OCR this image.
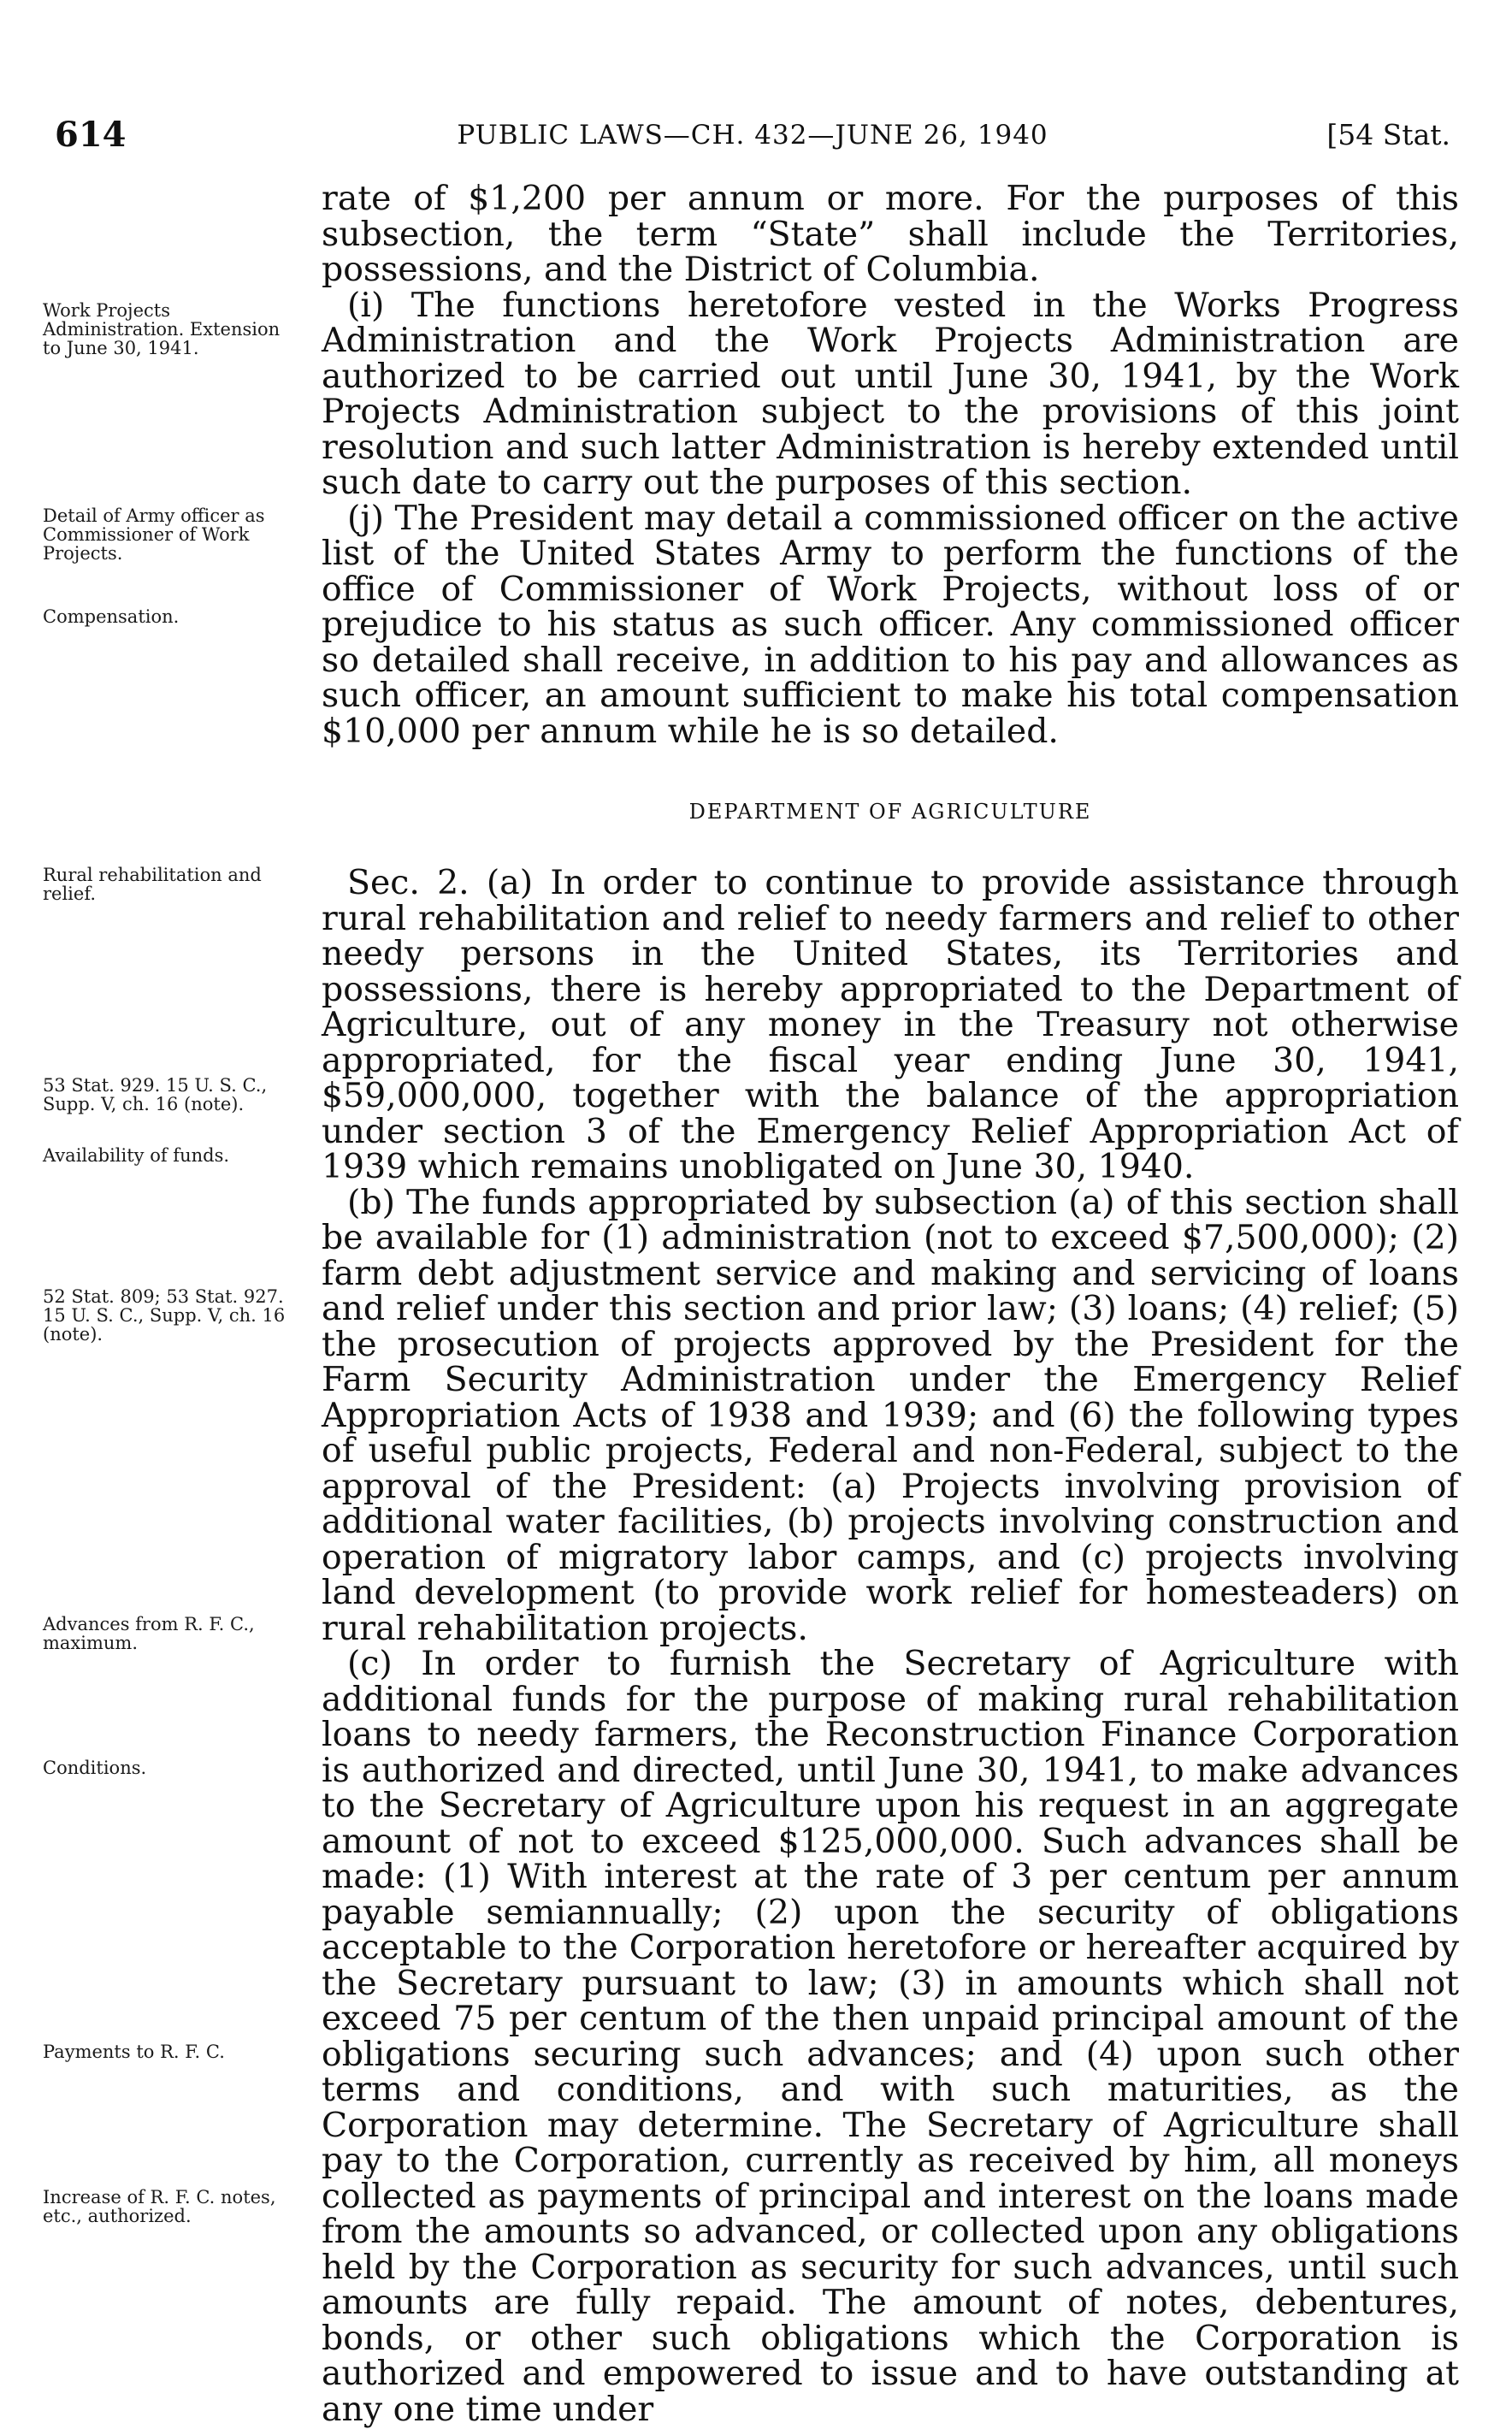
614	PUBLIC LAWS—CH. 432—JUNE 26, 1940	[54 Stat.
Work Projects Administration. Extension to June 30, 1941.
Detail of Army officer as Commissioner of Work Projects.
Compensation.
Rural rehabilitation and relief.
53 Stat. 929. 15 U. S. C., Supp. V, ch. 16 (note).
Availability of funds.
52 Stat. 809; 53 Stat. 927. 15 U. S. C., Supp. V, ch. 16 (note).
Advances from R. F. C., maximum.
Conditions.
Payments to R. F. C.
Increase of R. F. C. notes, etc., authorized.

rate of $1,200 per annum or more. For the purposes of this subsection, the term “State” shall include the Territories, possessions, and the District of Columbia.

(i) The functions heretofore vested in the Works Progress Administration and the Work Projects Administration are authorized to be carried out until June 30, 1941, by the Work Projects Administration subject to the provisions of this joint resolution and such latter Administration is hereby extended until such date to carry out the purposes of this section.

(j) The President may detail a commissioned officer on the active list of the United States Army to perform the functions of the office of Commissioner of Work Projects, without loss of or prejudice to his status as such officer. Any commissioned officer so detailed shall receive, in addition to his pay and allowances as such officer, an amount sufficient to make his total compensation $10,000 per annum while he is so detailed.

DEPARTMENT OF AGRICULTURE

Sec. 2. (a) In order to continue to provide assistance through rural rehabilitation and relief to needy farmers and relief to other needy persons in the United States, its Territories and possessions, there is hereby appropriated to the Department of Agriculture, out of any money in the Treasury not otherwise appropriated, for the fiscal year ending June 30, 1941, $59,000,000, together with the balance of the appropriation under section 3 of the Emergency Relief Appropriation Act of 1939 which remains unobligated on June 30, 1940.

(b) The funds appropriated by subsection (a) of this section shall be available for (1) administration (not to exceed $7,500,000); (2) farm debt adjustment service and making and servicing of loans and relief under this section and prior law; (3) loans; (4) relief; (5) the prosecution of projects approved by the President for the Farm Security Administration under the Emergency Relief Appropriation Acts of 1938 and 1939; and (6) the following types of useful public projects, Federal and non-Federal, subject to the approval of the President: (a) Projects involving provision of additional water facilities, (b) projects involving construction and operation of migratory labor camps, and (c) projects involving land development (to provide work relief for homesteaders) on rural rehabilitation projects.

(c) In order to furnish the Secretary of Agriculture with additional funds for the purpose of making rural rehabilitation loans to needy farmers, the Reconstruction Finance Corporation is authorized and directed, until June 30, 1941, to make advances to the Secretary of Agriculture upon his request in an aggregate amount of not to exceed $125,000,000. Such advances shall be made: (1) With interest at the rate of 3 per centum per annum payable semiannually; (2) upon the security of obligations acceptable to the Corporation heretofore or hereafter acquired by the Secretary pursuant to law; (3) in amounts which shall not exceed 75 per centum of the then unpaid principal amount of the obligations securing such advances; and (4) upon such other terms and conditions, and with such maturities, as the Corporation may determine. The Secretary of Agriculture shall pay to the Corporation, currently as received by him, all moneys collected as payments of principal and interest on the loans made from the amounts so advanced, or collected upon any obligations held by the Corporation as security for such advances, until such amounts are fully repaid. The amount of notes, debentures, bonds, or other such obligations which the Corporation is authorized and empowered to issue and to have outstanding at any one time under
